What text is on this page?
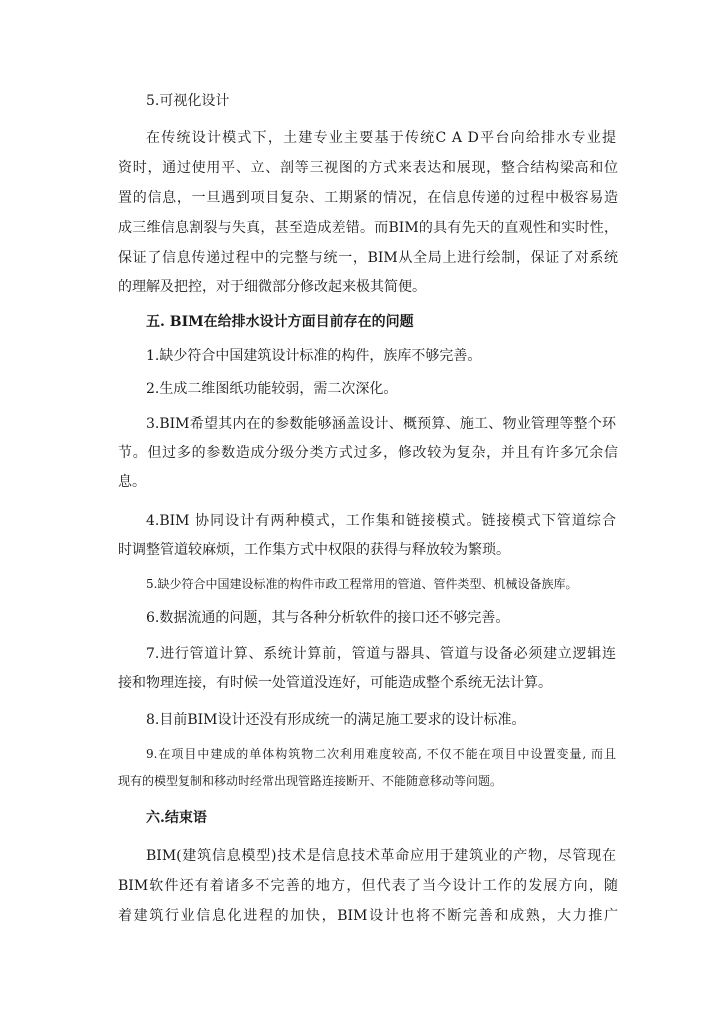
5.可视化设计
在传统设计模式下，土建专业主要基于传统C A D平台向给排水专业提
资时，通过使用平、立、剖等三视图的方式来表达和展现，整合结构梁高和位
置的信息，一旦遇到项目复杂、工期紧的情况，在信息传递的过程中极容易造
成三维信息割裂与失真，甚至造成差错。而BIM的具有先天的直观性和实时性，
保证了信息传递过程中的完整与统一，BIM从全局上进行绘制，保证了对系统
的理解及把控，对于细微部分修改起来极其简便。
五. BIM在给排水设计方面目前存在的问题
1.缺少符合中国建筑设计标准的构件，族库不够完善。
2.生成二维图纸功能较弱，需二次深化。
3.BIM希望其内在的参数能够涵盖设计、概预算、施工、物业管理等整个环
节。但过多的参数造成分级分类方式过多，修改较为复杂，并且有许多冗余信
息。
4.BIM 协同设计有两种模式，工作集和链接模式。链接模式下管道综合
时调整管道较麻烦，工作集方式中权限的获得与释放较为繁琐。
5.缺少符合中国建设标准的构件市政工程常用的管道、管件类型、机械设备族库。
6.数据流通的问题，其与各种分析软件的接口还不够完善。
7.进行管道计算、系统计算前，管道与器具、管道与设备必须建立逻辑连
接和物理连接，有时候一处管道没连好，可能造成整个系统无法计算。
8.目前BIM设计还没有形成统一的满足施工要求的设计标准。
9.在项目中建成的单体构筑物二次利用难度较高, 不仅不能在项目中设置变量, 而且
现有的模型复制和移动时经常出现管路连接断开、不能随意移动等问题。
六.结束语
BIM(建筑信息模型)技术是信息技术革命应用于建筑业的产物，尽管现在
BIM软件还有着诸多不完善的地方，但代表了当今设计工作的发展方向，随
着建筑行业信息化进程的加快，BIM设计也将不断完善和成熟，大力推广
